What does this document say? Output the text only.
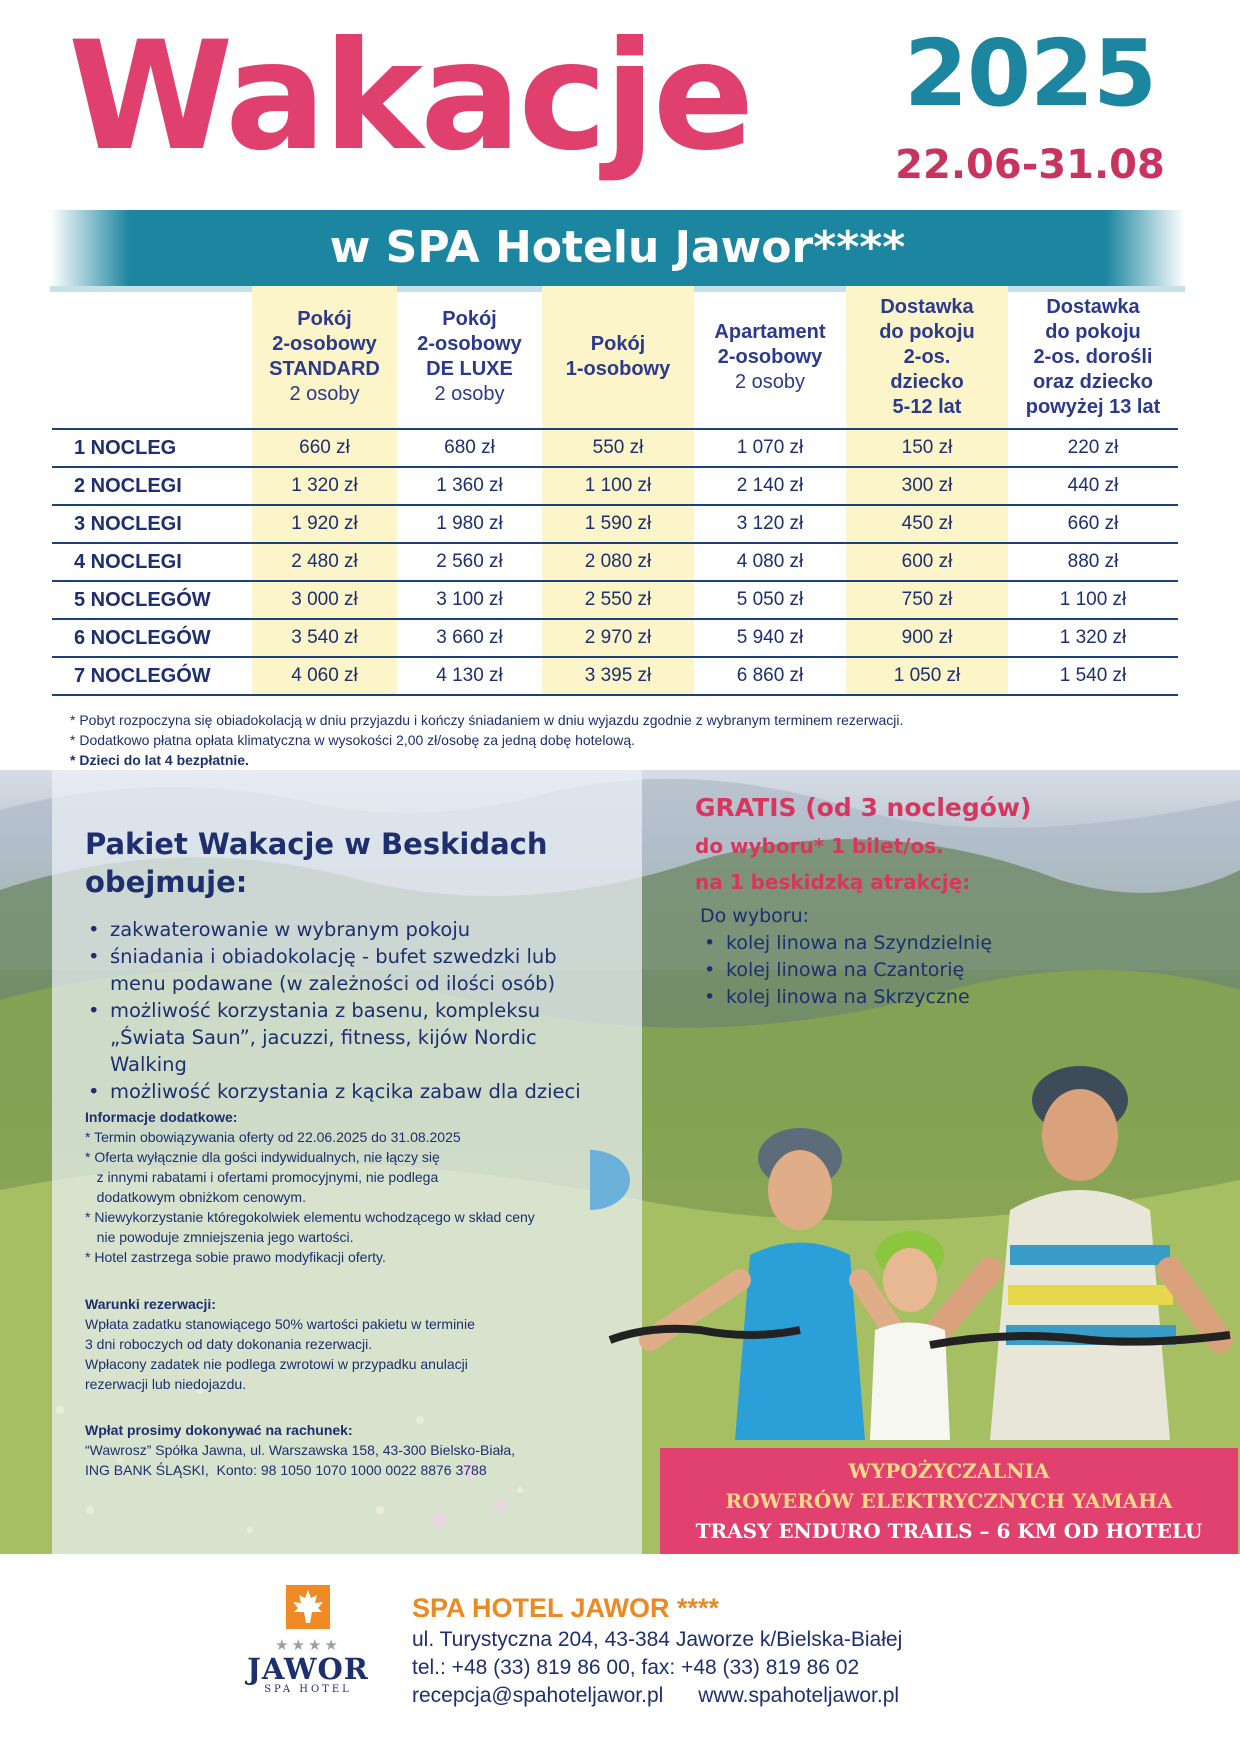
Wakacje 2025
22.06-31.08
w SPA Hotelu Jawor****
	Pokój
2-osobowy
STANDARD
2 osoby	Pokój
2-osobowy
DE LUXE
2 osoby	Pokój
1-osobowy	Apartament
2-osobowy
2 osoby	Dostawka
do pokoju
2-os.
dziecko
5-12 lat	Dostawka
do pokoju
2-os. dorośli
oraz dziecko
powyżej 13 lat
1 NOCLEG	660 zł	680 zł	550 zł	1 070 zł	150 zł	220 zł
2 NOCLEGI	1 320 zł	1 360 zł	1 100 zł	2 140 zł	300 zł	440 zł
3 NOCLEGI	1 920 zł	1 980 zł	1 590 zł	3 120 zł	450 zł	660 zł
4 NOCLEGI	2 480 zł	2 560 zł	2 080 zł	4 080 zł	600 zł	880 zł
5 NOCLEGÓW	3 000 zł	3 100 zł	2 550 zł	5 050 zł	750 zł	1 100 zł
6 NOCLEGÓW	3 540 zł	3 660 zł	2 970 zł	5 940 zł	900 zł	1 320 zł
7 NOCLEGÓW	4 060 zł	4 130 zł	3 395 zł	6 860 zł	1 050 zł	1 540 zł
* Pobyt rozpoczyna się obiadokolacją w dniu przyjazdu i kończy śniadaniem w dniu wyjazdu zgodnie z wybranym terminem rezerwacji.
* Dodatkowo płatna opłata klimatyczna w wysokości 2,00 zł/osobę za jedną dobę hotelową.
* Dzieci do lat 4 bezpłatnie.
Pakiet Wakacje w Beskidach
obejmuje:
• zakwaterowanie w wybranym pokoju
• śniadania i obiadokolację - bufet szwedzki lub menu podawane (w zależności od ilości osób)
• możliwość korzystania z basenu, kompleksu „Świata Saun”, jacuzzi, fitness, kijów Nordic Walking
• możliwość korzystania z kącika zabaw dla dzieci
Informacje dodatkowe:
* Termin obowiązywania oferty od 22.06.2025 do 31.08.2025
* Oferta wyłącznie dla gości indywidualnych, nie łączy się
z innymi rabatami i ofertami promocyjnymi, nie podlega
dodatkowym obniżkom cenowym.
* Niewykorzystanie któregokolwiek elementu wchodzącego w skład ceny
nie powoduje zmniejszenia jego wartości.
* Hotel zastrzega sobie prawo modyfikacji oferty.
Warunki rezerwacji:
Wpłata zadatku stanowiącego 50% wartości pakietu w terminie
3 dni roboczych od daty dokonania rezerwacji.
Wpłacony zadatek nie podlega zwrotowi w przypadku anulacji
rezerwacji lub niedojazdu.
Wpłat prosimy dokonywać na rachunek:
“Wawrosz” Spółka Jawna, ul. Warszawska 158, 43-300 Bielsko-Biała,
ING BANK ŚLĄSKI,  Konto: 98 1050 1070 1000 0022 8876 3788
GRATIS (od 3 noclegów)
do wyboru* 1 bilet/os.
na 1 beskidzką atrakcję:
Do wyboru:
• kolej linowa na Szyndzielnię
• kolej linowa na Czantorię
• kolej linowa na Skrzyczne
WYPOŻYCZALNIA
ROWERÓW ELEKTRYCZNYCH YAMAHA
TRASY ENDURO TRAILS – 6 KM OD HOTELU
★★★★
JAWOR
SPA HOTEL
SPA HOTEL JAWOR ****
ul. Turystyczna 204, 43-384 Jaworze k/Bielska-Białej
tel.: +48 (33) 819 86 00, fax: +48 (33) 819 86 02
recepcja@spahoteljawor.pl      www.spahoteljawor.pl
